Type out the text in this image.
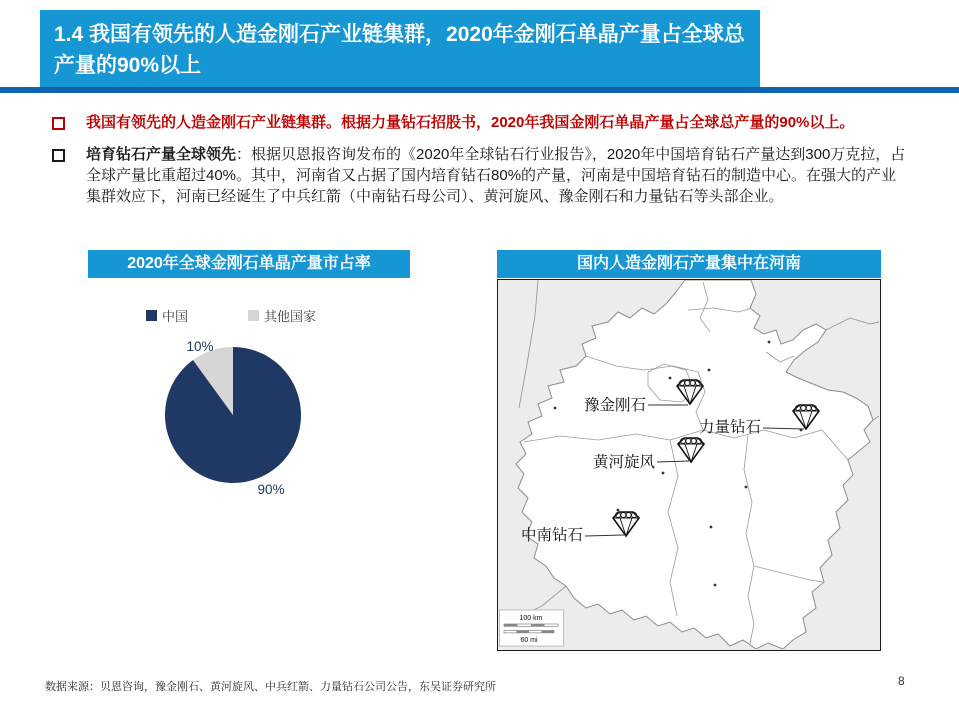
1.4 我国有领先的人造金刚石产业链集群，2020年金刚石单晶产量占全球总产量的90%以上
我国有领先的人造金刚石产业链集群。根据力量钻石招股书，2020年我国金刚石单晶产量占全球总产量的90%以上。
培育钻石产量全球领先：根据贝恩报咨询发布的《2020年全球钻石行业报告》，2020年中国培育钻石产量达到300万克拉，占全球产量比重超过40%。其中，河南省又占据了国内培育钻石80%的产量，河南是中国培育钻石的制造中心。在强大的产业集群效应下，河南已经诞生了中兵红箭（中南钻石母公司）、黄河旋风、豫金刚石和力量钻石等头部企业。
2020年全球金刚石单晶产量市占率
中国	其他国家
10%
90%
国内人造金刚石产量集中在河南
豫金刚石
力量钻石
黄河旋风
中南钻石
100 km
60 mi
数据来源：贝恩咨询，豫金刚石、黄河旋风、中兵红箭、力量钻石公司公告，东吴证券研究所	8
